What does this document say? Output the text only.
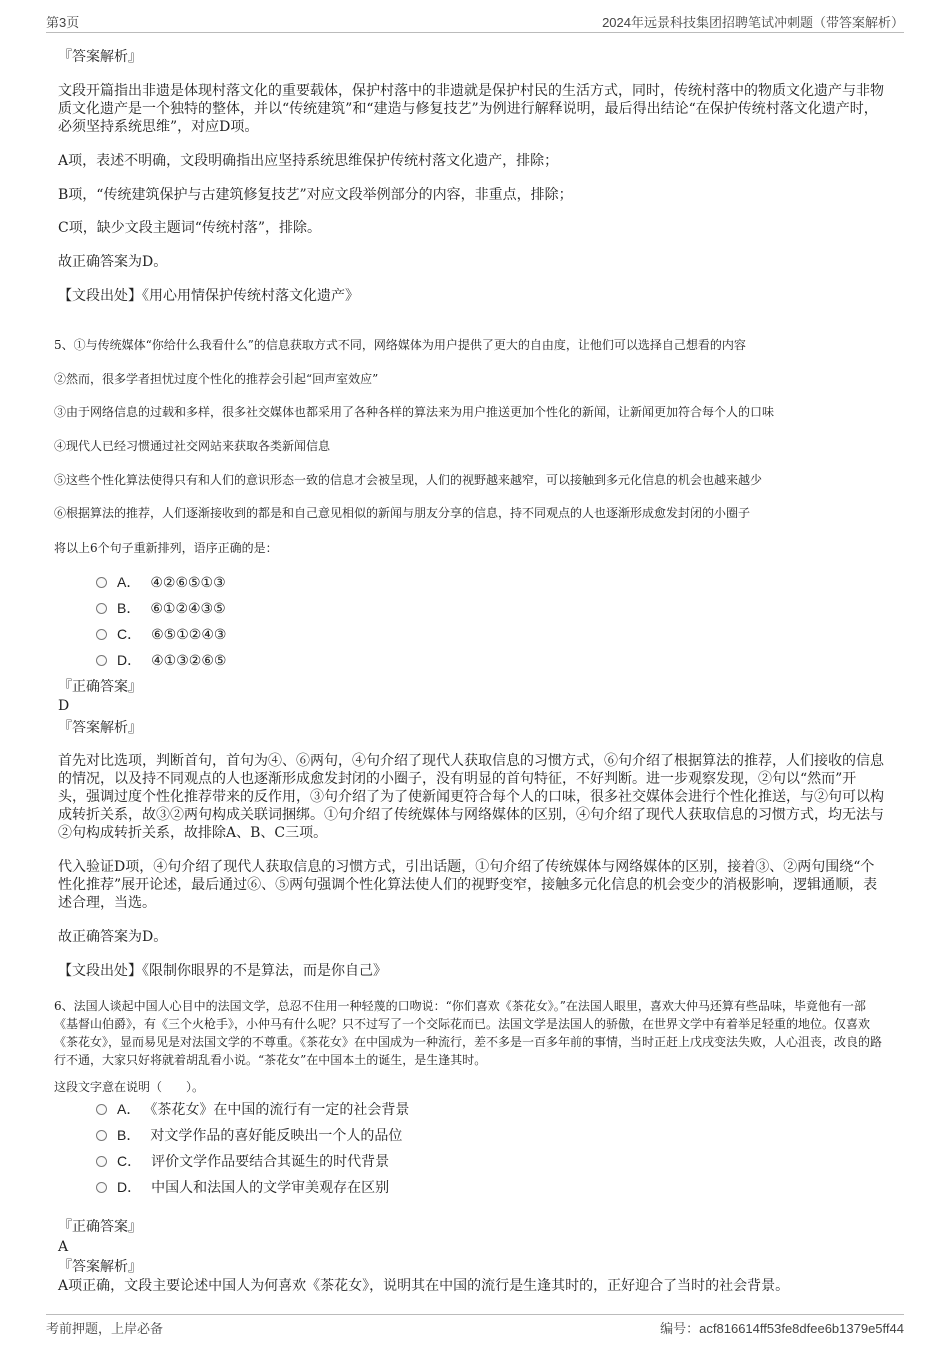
第3页	2024年远景科技集团招聘笔试冲刺题（带答案解析）
『答案解析』
文段开篇指出非遗是体现村落文化的重要载体，保护村落中的非遗就是保护村民的生活方式，同时，传统村落中的物质文化遗产与非物质文化遗产是一个独特的整体，并以“传统建筑”和“建造与修复技艺”为例进行解释说明，最后得出结论“在保护传统村落文化遗产时，必须坚持系统思维”，对应D项。
A项，表述不明确，文段明确指出应坚持系统思维保护传统村落文化遗产，排除；
B项，“传统建筑保护与古建筑修复技艺”对应文段举例部分的内容，非重点，排除；
C项，缺少文段主题词“传统村落”，排除。
故正确答案为D。
【文段出处】《用心用情保护传统村落文化遗产》
5、①与传统媒体“你给什么我看什么”的信息获取方式不同，网络媒体为用户提供了更大的自由度，让他们可以选择自己想看的内容
②然而，很多学者担忧过度个性化的推荐会引起“回声室效应”
③由于网络信息的过载和多样，很多社交媒体也都采用了各种各样的算法来为用户推送更加个性化的新闻，让新闻更加符合每个人的口味
④现代人已经习惯通过社交网站来获取各类新闻信息
⑤这些个性化算法使得只有和人们的意识形态一致的信息才会被呈现，人们的视野越来越窄，可以接触到多元化信息的机会也越来越少
⑥根据算法的推荐，人们逐渐接收到的都是和自己意见相似的新闻与朋友分享的信息，持不同观点的人也逐渐形成愈发封闭的小圈子
将以上6个句子重新排列，语序正确的是：
A． ④②⑥⑤①③
B． ⑥①②④③⑤
C． ⑥⑤①②④③
D． ④①③②⑥⑤
『正确答案』
D
『答案解析』
首先对比选项，判断首句，首句为④、⑥两句，④句介绍了现代人获取信息的习惯方式，⑥句介绍了根据算法的推荐，人们接收的信息的情况，以及持不同观点的人也逐渐形成愈发封闭的小圈子，没有明显的首句特征，不好判断。进一步观察发现，②句以“然而”开头，强调过度个性化推荐带来的反作用，③句介绍了为了使新闻更符合每个人的口味，很多社交媒体会进行个性化推送，与②句可以构成转折关系，故③②两句构成关联词捆绑。①句介绍了传统媒体与网络媒体的区别，④句介绍了现代人获取信息的习惯方式，均无法与②句构成转折关系，故排除A、B、C三项。
代入验证D项，④句介绍了现代人获取信息的习惯方式，引出话题，①句介绍了传统媒体与网络媒体的区别，接着③、②两句围绕“个性化推荐”展开论述，最后通过⑥、⑤两句强调个性化算法使人们的视野变窄，接触多元化信息的机会变少的消极影响，逻辑通顺，表述合理，当选。
故正确答案为D。
【文段出处】《限制你眼界的不是算法，而是你自己》
6、法国人谈起中国人心目中的法国文学，总忍不住用一种轻蔑的口吻说：“你们喜欢《茶花女》。”在法国人眼里，喜欢大仲马还算有些品味，毕竟他有一部《基督山伯爵》，有《三个火枪手》，小仲马有什么呢？只不过写了一个交际花而已。法国文学是法国人的骄傲，在世界文学中有着举足轻重的地位。仅喜欢《茶花女》，显而易见是对法国文学的不尊重。《茶花女》在中国成为一种流行，差不多是一百多年前的事情，当时正赶上戊戌变法失败，人心沮丧，改良的路行不通，大家只好将就着胡乱看小说。“茶花女”在中国本土的诞生，是生逢其时。
这段文字意在说明（　　）。
A． 《茶花女》在中国的流行有一定的社会背景
B． 对文学作品的喜好能反映出一个人的品位
C． 评价文学作品要结合其诞生的时代背景
D． 中国人和法国人的文学审美观存在区别
『正确答案』
A
『答案解析』
A项正确，文段主要论述中国人为何喜欢《茶花女》，说明其在中国的流行是生逢其时的，正好迎合了当时的社会背景。
考前押题，上岸必备	编号：acf816614ff53fe8dfee6b1379e5ff44
